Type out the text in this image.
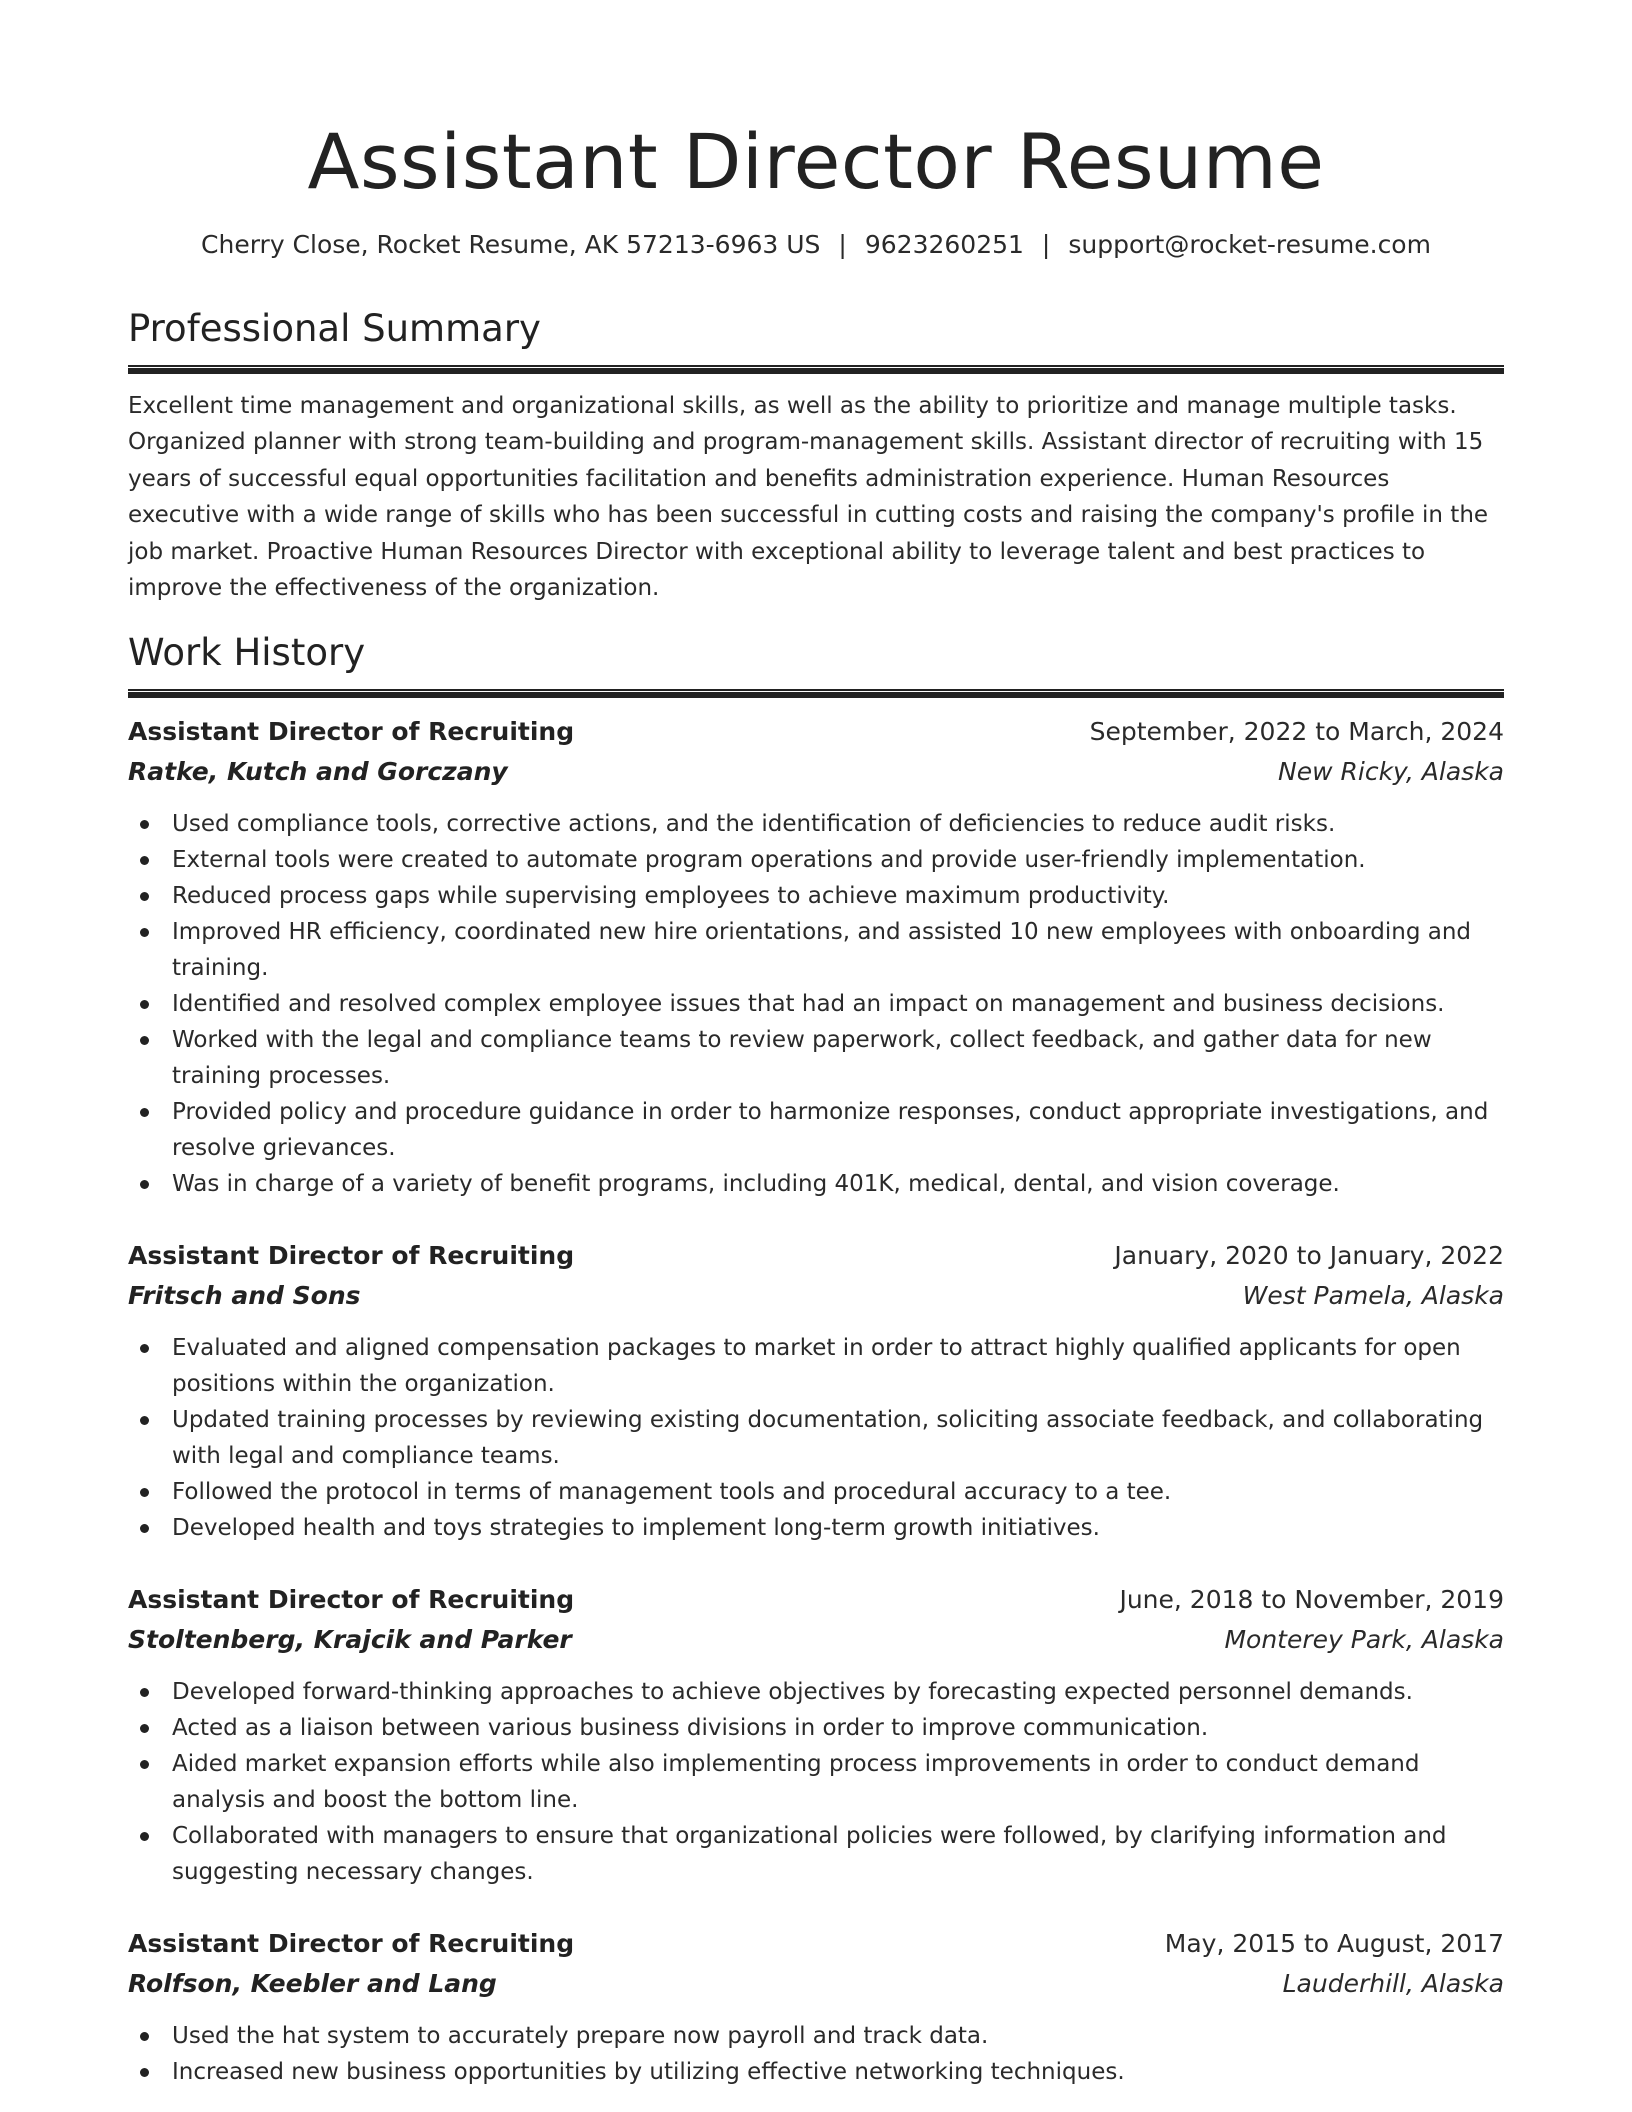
Assistant Director Resume
Cherry Close, Rocket Resume, AK 57213-6963 US | 9623260251 | support@rocket-resume.com
Professional Summary

Excellent time management and organizational skills, as well as the ability to prioritize and manage multiple tasks. Organized planner with strong team-building and program-management skills. Assistant director of recruiting with 15 years of successful equal opportunities facilitation and benefits administration experience. Human Resources executive with a wide range of skills who has been successful in cutting costs and raising the company's profile in the job market. Proactive Human Resources Director with exceptional ability to leverage talent and best practices to improve the effectiveness of the organization.

Work History
Assistant Director of Recruiting	September, 2022 to March, 2024
Ratke, Kutch and Gorczany	New Ricky, Alaska
Used compliance tools, corrective actions, and the identification of deficiencies to reduce audit risks.
External tools were created to automate program operations and provide user-friendly implementation.
Reduced process gaps while supervising employees to achieve maximum productivity.
Improved HR efficiency, coordinated new hire orientations, and assisted 10 new employees with onboarding and training.
Identified and resolved complex employee issues that had an impact on management and business decisions.
Worked with the legal and compliance teams to review paperwork, collect feedback, and gather data for new training processes.
Provided policy and procedure guidance in order to harmonize responses, conduct appropriate investigations, and resolve grievances.
Was in charge of a variety of benefit programs, including 401K, medical, dental, and vision coverage.
Assistant Director of Recruiting	January, 2020 to January, 2022
Fritsch and Sons	West Pamela, Alaska
Evaluated and aligned compensation packages to market in order to attract highly qualified applicants for open positions within the organization.
Updated training processes by reviewing existing documentation, soliciting associate feedback, and collaborating with legal and compliance teams.
Followed the protocol in terms of management tools and procedural accuracy to a tee.
Developed health and toys strategies to implement long-term growth initiatives.
Assistant Director of Recruiting	June, 2018 to November, 2019
Stoltenberg, Krajcik and Parker	Monterey Park, Alaska
Developed forward-thinking approaches to achieve objectives by forecasting expected personnel demands.
Acted as a liaison between various business divisions in order to improve communication.
Aided market expansion efforts while also implementing process improvements in order to conduct demand analysis and boost the bottom line.
Collaborated with managers to ensure that organizational policies were followed, by clarifying information and suggesting necessary changes.
Assistant Director of Recruiting	May, 2015 to August, 2017
Rolfson, Keebler and Lang	Lauderhill, Alaska
Used the hat system to accurately prepare now payroll and track data.
Increased new business opportunities by utilizing effective networking techniques.
